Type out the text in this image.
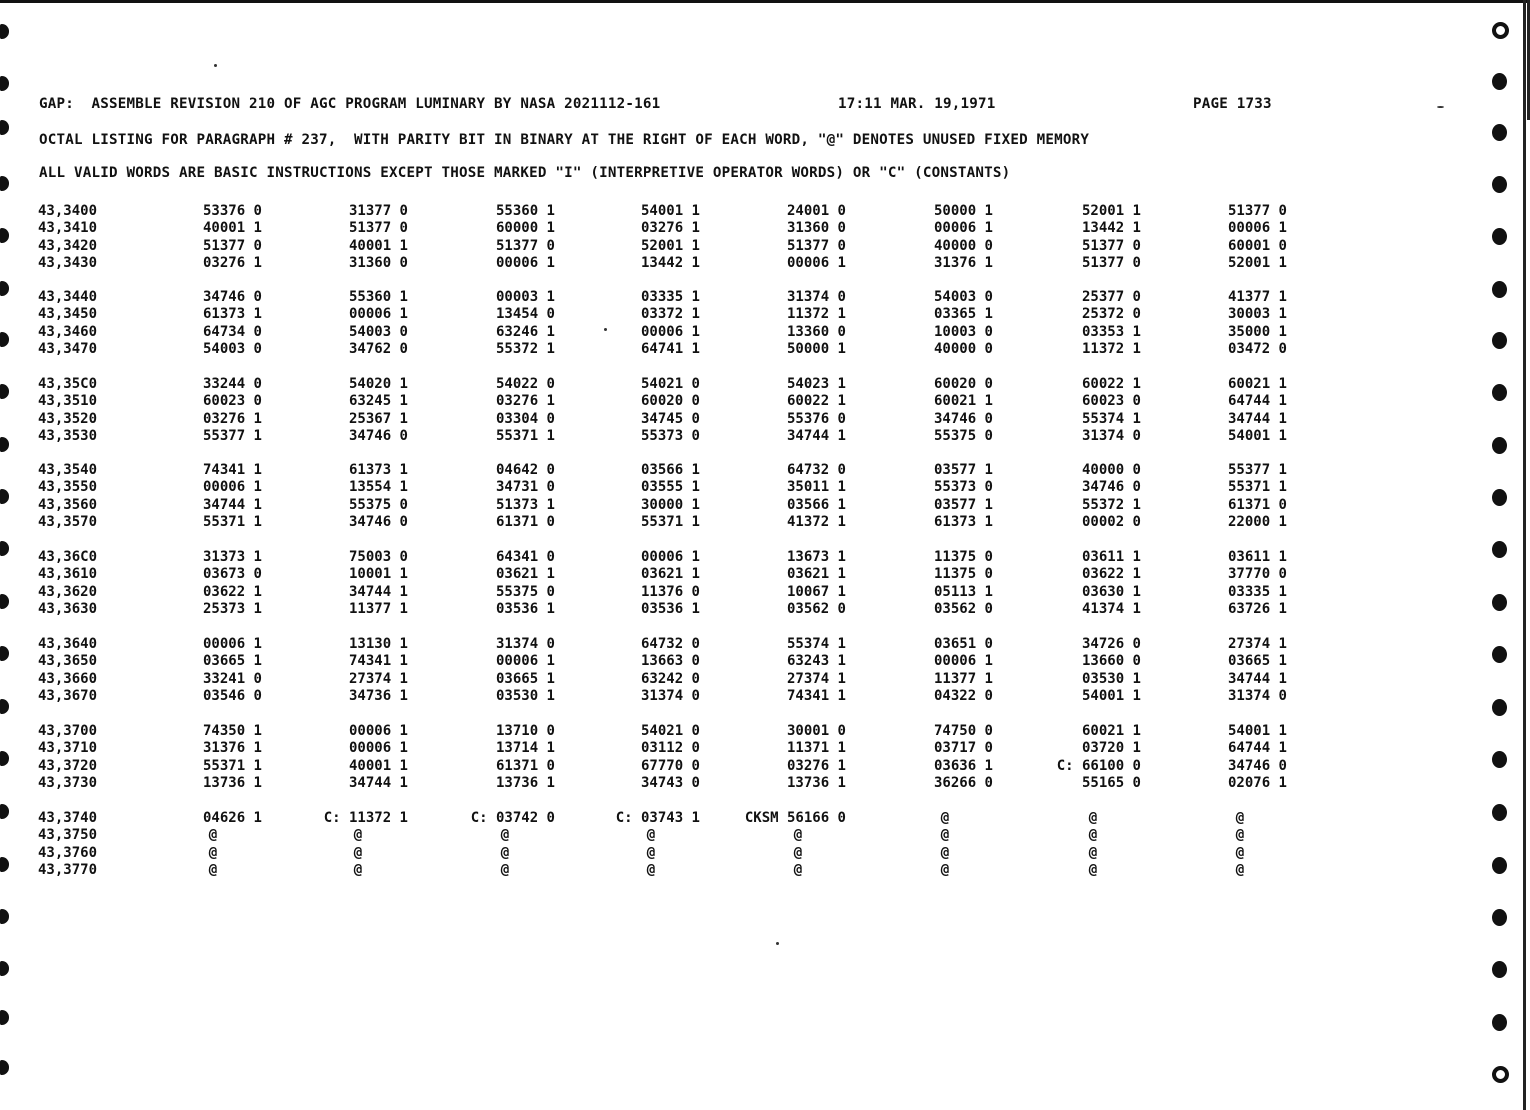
GAP:  ASSEMBLE REVISION 210 OF AGC PROGRAM LUMINARY BY NASA 2021112-161	17:11 MAR. 19,1971	PAGE 1733
OCTAL LISTING FOR PARAGRAPH # 237,  WITH PARITY BIT IN BINARY AT THE RIGHT OF EACH WORD, "@" DENOTES UNUSED FIXED MEMORY
ALL VALID WORDS ARE BASIC INSTRUCTIONS EXCEPT THOSE MARKED "I" (INTERPRETIVE OPERATOR WORDS) OR "C" (CONSTANTS)
43,3400	53376 0	31377 0	55360 1	54001 1	24001 0	50000 1	52001 1	51377 0
43,3410	40001 1	51377 0	60000 1	03276 1	31360 0	00006 1	13442 1	00006 1
43,3420	51377 0	40001 1	51377 0	52001 1	51377 0	40000 0	51377 0	60001 0
43,3430	03276 1	31360 0	00006 1	13442 1	00006 1	31376 1	51377 0	52001 1
43,3440	34746 0	55360 1	00003 1	03335 1	31374 0	54003 0	25377 0	41377 1
43,3450	61373 1	00006 1	13454 0	03372 1	11372 1	03365 1	25372 0	30003 1
43,3460	64734 0	54003 0	63246 1	00006 1	13360 0	10003 0	03353 1	35000 1
43,3470	54003 0	34762 0	55372 1	64741 1	50000 1	40000 0	11372 1	03472 0
43,35C0	33244 0	54020 1	54022 0	54021 0	54023 1	60020 0	60022 1	60021 1
43,3510	60023 0	63245 1	03276 1	60020 0	60022 1	60021 1	60023 0	64744 1
43,3520	03276 1	25367 1	03304 0	34745 0	55376 0	34746 0	55374 1	34744 1
43,3530	55377 1	34746 0	55371 1	55373 0	34744 1	55375 0	31374 0	54001 1
43,3540	74341 1	61373 1	04642 0	03566 1	64732 0	03577 1	40000 0	55377 1
43,3550	00006 1	13554 1	34731 0	03555 1	35011 1	55373 0	34746 0	55371 1
43,3560	34744 1	55375 0	51373 1	30000 1	03566 1	03577 1	55372 1	61371 0
43,3570	55371 1	34746 0	61371 0	55371 1	41372 1	61373 1	00002 0	22000 1
43,36C0	31373 1	75003 0	64341 0	00006 1	13673 1	11375 0	03611 1	03611 1
43,3610	03673 0	10001 1	03621 1	03621 1	03621 1	11375 0	03622 1	37770 0
43,3620	03622 1	34744 1	55375 0	11376 0	10067 1	05113 1	03630 1	03335 1
43,3630	25373 1	11377 1	03536 1	03536 1	03562 0	03562 0	41374 1	63726 1
43,3640	00006 1	13130 1	31374 0	64732 0	55374 1	03651 0	34726 0	27374 1
43,3650	03665 1	74341 1	00006 1	13663 0	63243 1	00006 1	13660 0	03665 1
43,3660	33241 0	27374 1	03665 1	63242 0	27374 1	11377 1	03530 1	34744 1
43,3670	03546 0	34736 1	03530 1	31374 0	74341 1	04322 0	54001 1	31374 0
43,3700	74350 1	00006 1	13710 0	54021 0	30001 0	74750 0	60021 1	54001 1
43,3710	31376 1	00006 1	13714 1	03112 0	11371 1	03717 0	03720 1	64744 1
43,3720	55371 1	40001 1	61371 0	67770 0	03276 1	03636 1	C: 66100 0	34746 0
43,3730	13736 1	34744 1	13736 1	34743 0	13736 1	36266 0	55165 0	02076 1
43,3740	04626 1	C: 11372 1	C: 03742 0	C: 03743 1	CKSM 56166 0	@	@	@
43,3750	@	@	@	@	@	@	@	@
43,3760	@	@	@	@	@	@	@	@
43,3770	@	@	@	@	@	@	@	@
